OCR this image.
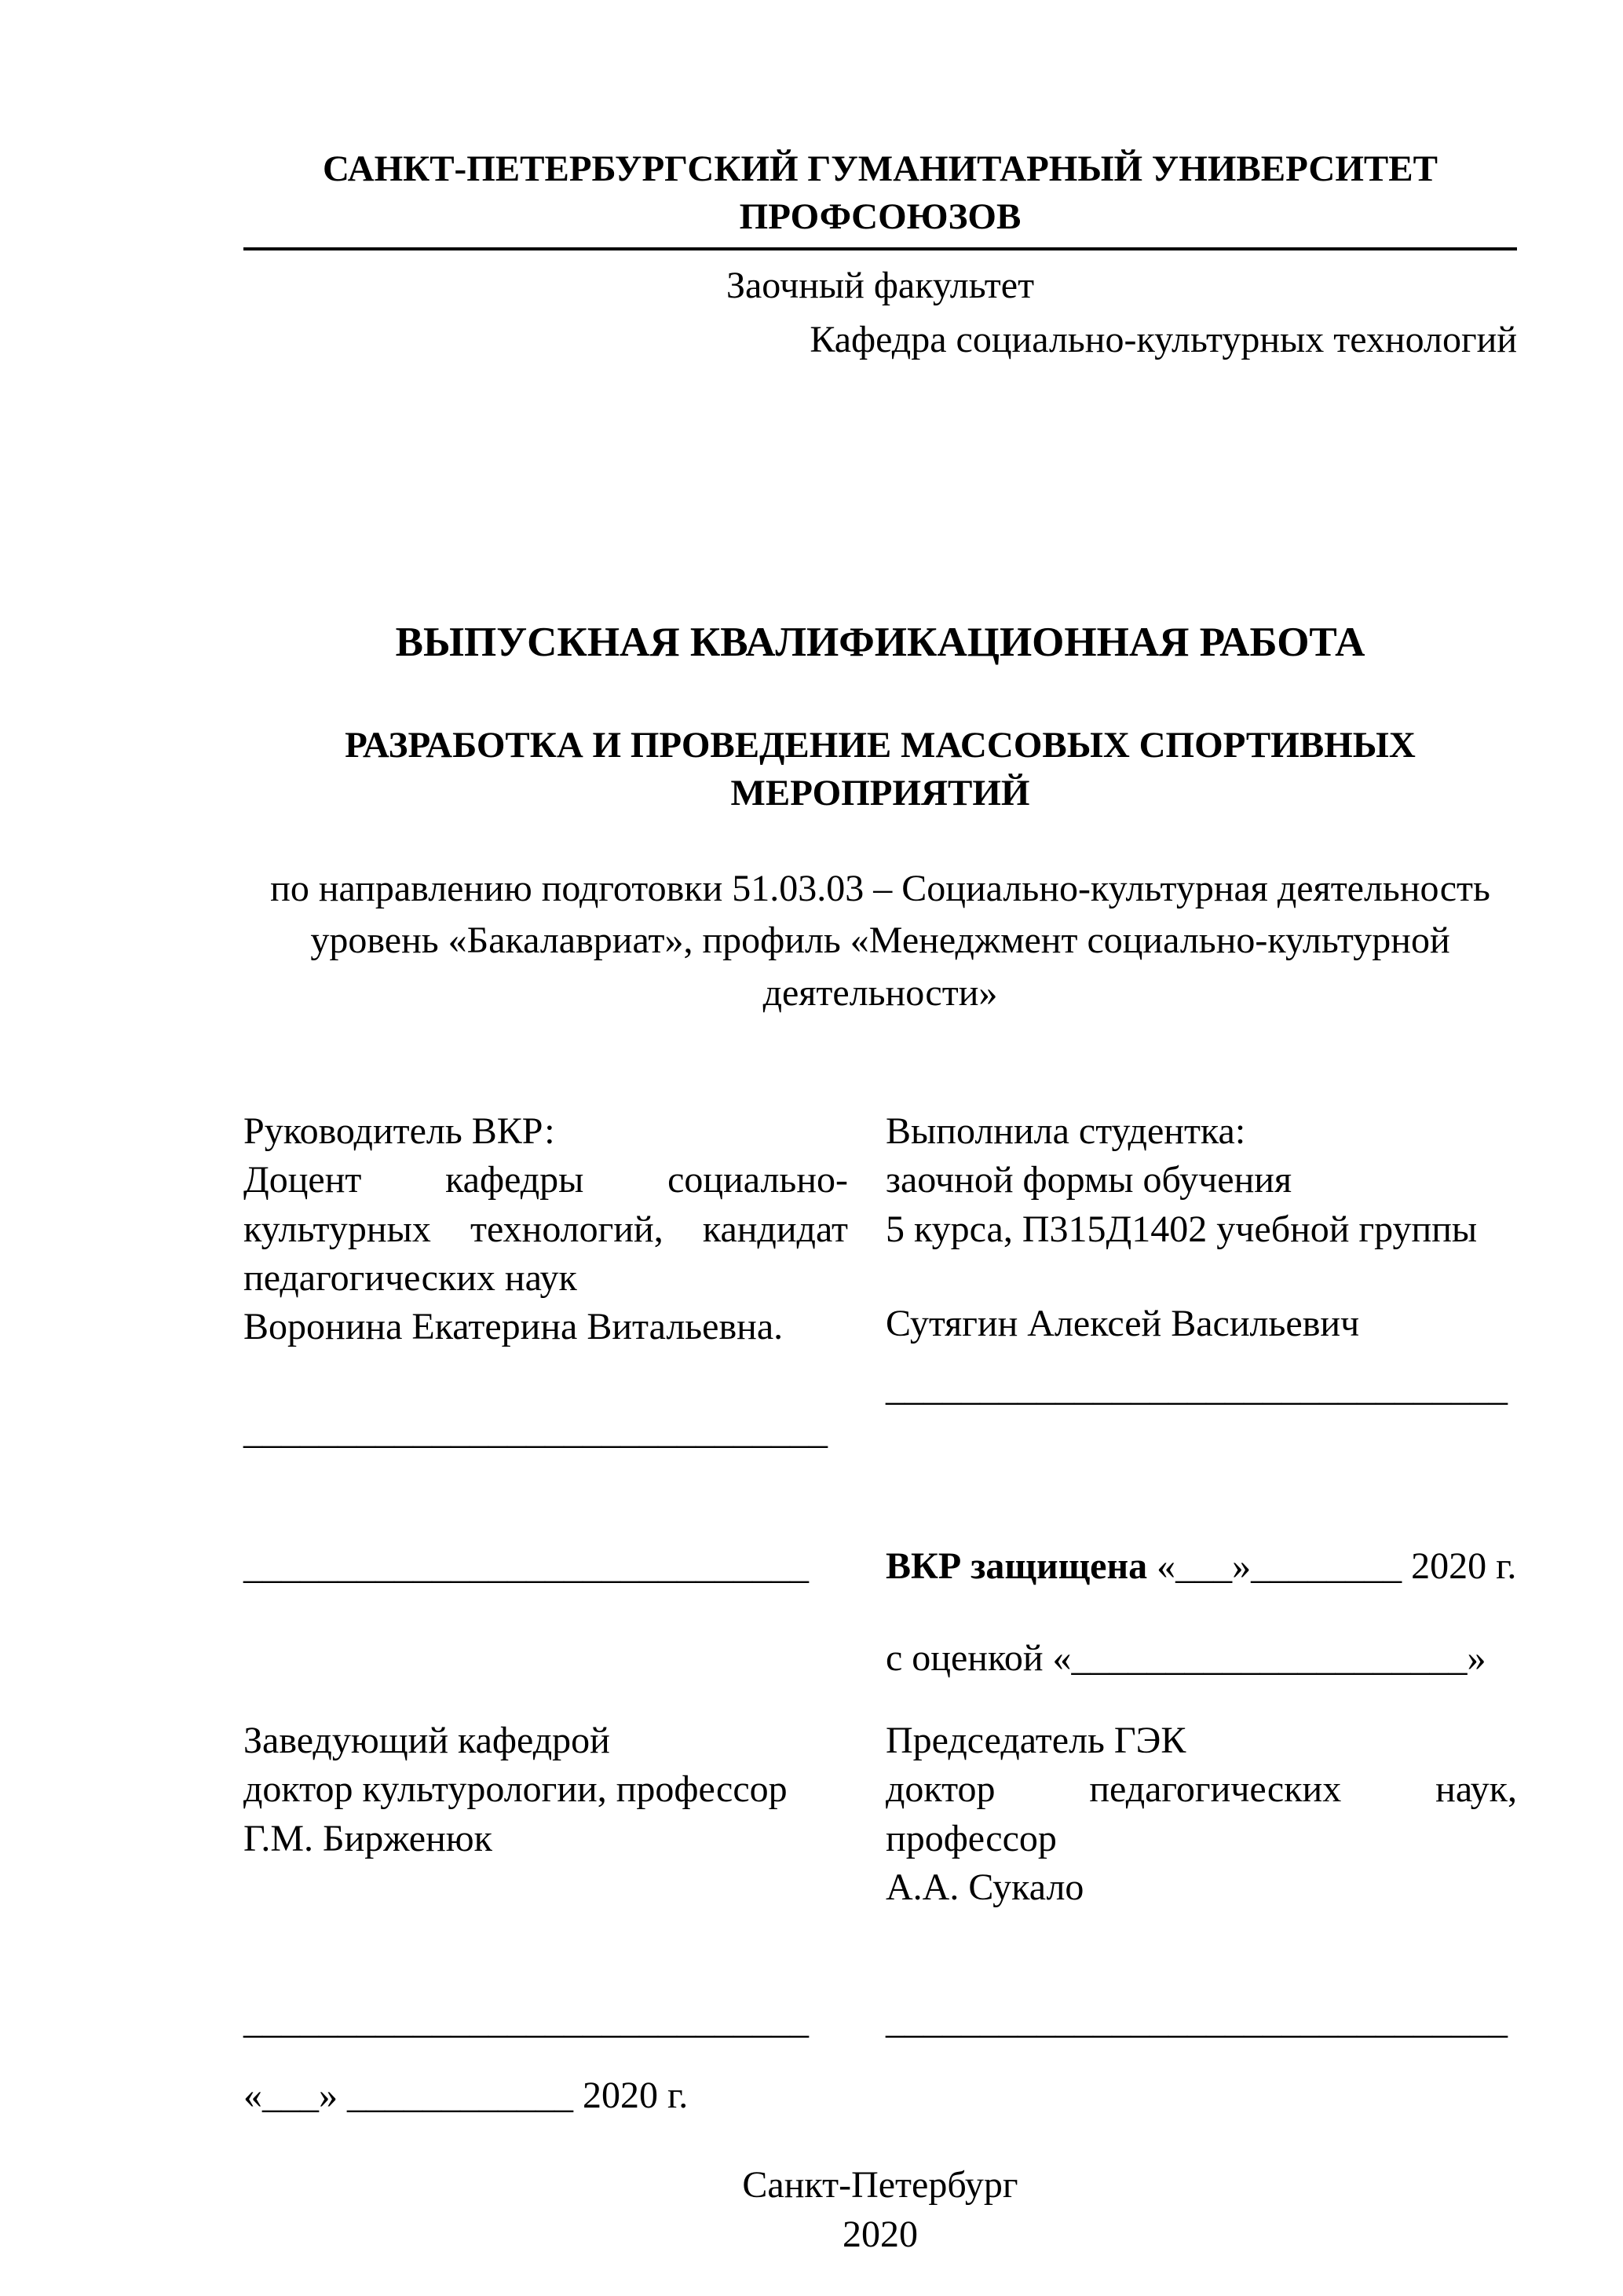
САНКТ-ПЕТЕРБУРГСКИЙ ГУМАНИТАРНЫЙ УНИВЕРСИТЕТ ПРОФСОЮЗОВ
Заочный факультет
Кафедра социально-культурных технологий
ВЫПУСКНАЯ КВАЛИФИКАЦИОННАЯ РАБОТА
РАЗРАБОТКА И ПРОВЕДЕНИЕ МАССОВЫХ СПОРТИВНЫХ МЕРОПРИЯТИЙ
по направлению подготовки 51.03.03 – Социально-культурная деятельность уровень «Бакалавриат», профиль «Менеджмент социально-культурной деятельности»
Руководитель ВКР:
Доцент кафедры социально-культурных технологий, кандидат педагогических наук
Воронина Екатерина Витальевна.
_______________________________
Выполнила студентка:
заочной формы обучения
5 курса, П315Д1402 учебной группы
Сутягин Алексей Васильевич
_________________________________
______________________________	ВКР защищена «___»________ 2020 г.
с оценкой «_____________________»
Заведующий кафедрой
доктор культурологии, профессор
Г.М. Бирженюк
Председатель ГЭК
доктор педагогических наук, профессор
А.А. Сукало
______________________________	_________________________________
«___» ____________ 2020 г.
Санкт-Петербург
2020
